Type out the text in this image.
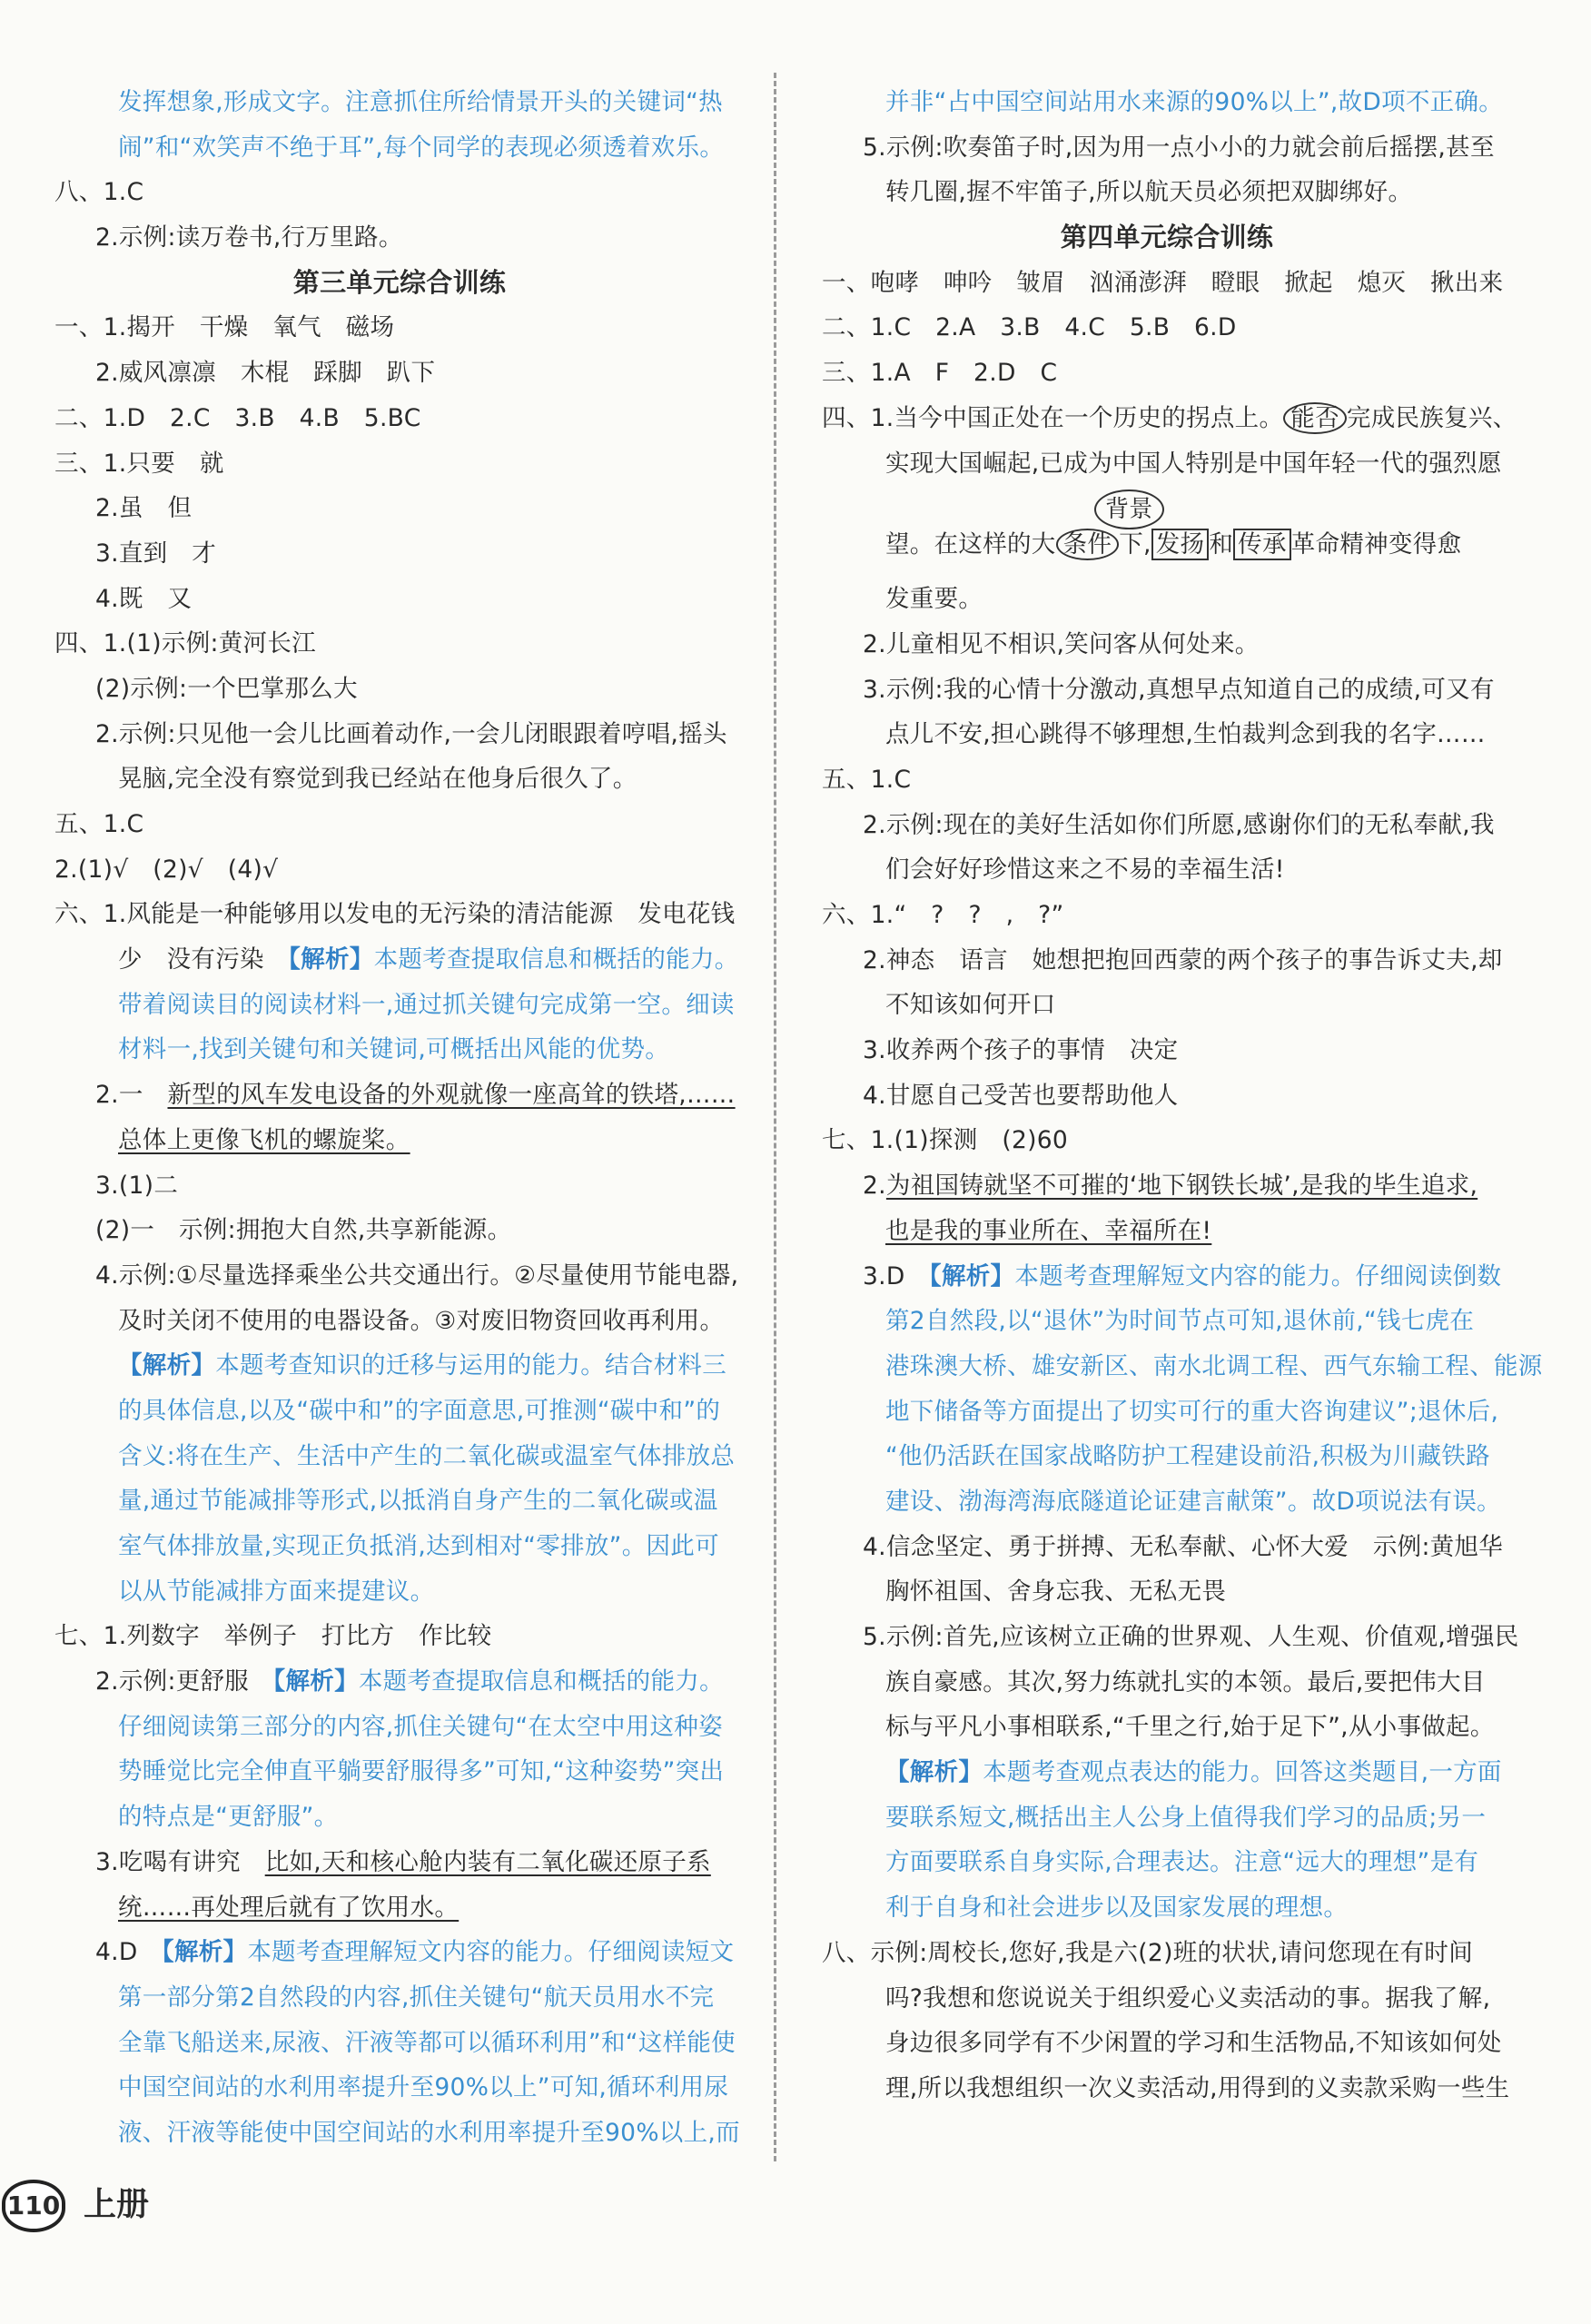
发挥想象,形成文字。注意抓住所给情景开头的关键词“热
闹”和“欢笑声不绝于耳”,每个同学的表现必须透着欢乐。
八、1.C
2.示例:读万卷书,行万里路。
第三单元综合训练
一、1.揭开　干燥　氧气　磁场
2.威风凛凛　木棍　踩脚　趴下
二、1.D　2.C　3.B　4.B　5.BC
三、1.只要　就
2.虽　但
3.直到　才
4.既　又
四、1.(1)示例:黄河长江
(2)示例:一个巴掌那么大
2.示例:只见他一会儿比画着动作,一会儿闭眼跟着哼唱,摇头
晃脑,完全没有察觉到我已经站在他身后很久了。
五、1.C
2.(1)√　(2)√　(4)√
六、1.风能是一种能够用以发电的无污染的清洁能源　发电花钱
少　没有污染　【解析】本题考查提取信息和概括的能力。
带着阅读目的阅读材料一,通过抓关键句完成第一空。细读
材料一,找到关键句和关键词,可概括出风能的优势。
2.一　新型的风车发电设备的外观就像一座高耸的铁塔,……
总体上更像飞机的螺旋桨。
3.(1)二
(2)一　示例:拥抱大自然,共享新能源。
4.示例:①尽量选择乘坐公共交通出行。②尽量使用节能电器,
及时关闭不使用的电器设备。③对废旧物资回收再利用。
【解析】本题考查知识的迁移与运用的能力。结合材料三
的具体信息,以及“碳中和”的字面意思,可推测“碳中和”的
含义:将在生产、生活中产生的二氧化碳或温室气体排放总
量,通过节能减排等形式,以抵消自身产生的二氧化碳或温
室气体排放量,实现正负抵消,达到相对“零排放”。因此可
以从节能减排方面来提建议。
七、1.列数字　举例子　打比方　作比较
2.示例:更舒服　【解析】本题考查提取信息和概括的能力。
仔细阅读第三部分的内容,抓住关键句“在太空中用这种姿
势睡觉比完全伸直平躺要舒服得多”可知,“这种姿势”突出
的特点是“更舒服”。
3.吃喝有讲究　比如,天和核心舱内装有二氧化碳还原子系
统……再处理后就有了饮用水。
4.D　【解析】本题考查理解短文内容的能力。仔细阅读短文
第一部分第2自然段的内容,抓住关键句“航天员用水不完
全靠飞船送来,尿液、汗液等都可以循环利用”和“这样能使
中国空间站的水利用率提升至90%以上”可知,循环利用尿
液、汗液等能使中国空间站的水利用率提升至90%以上,而
并非“占中国空间站用水来源的90%以上”,故D项不正确。
5.示例:吹奏笛子时,因为用一点小小的力就会前后摇摆,甚至
转几圈,握不牢笛子,所以航天员必须把双脚绑好。
第四单元综合训练
一、咆哮　呻吟　皱眉　汹涌澎湃　瞪眼　掀起　熄灭　揪出来
二、1.C　2.A　3.B　4.C　5.B　6.D
三、1.A　F　2.D　C
四、1.当今中国正处在一个历史的拐点上。 能否 完成民族复兴、
实现大国崛起,已成为中国人特别是中国年轻一代的强烈愿
背景
望。在这样的大 条件 下, 发扬 和 传承 革命精神变得愈
发重要。
2.儿童相见不相识,笑问客从何处来。
3.示例:我的心情十分激动,真想早点知道自己的成绩,可又有
点儿不安,担心跳得不够理想,生怕裁判念到我的名字……
五、1.C
2.示例:现在的美好生活如你们所愿,感谢你们的无私奉献,我
们会好好珍惜这来之不易的幸福生活!
六、1.“　?　?　,　?”
2.神态　语言　她想把抱回西蒙的两个孩子的事告诉丈夫,却
不知该如何开口
3.收养两个孩子的事情　决定
4.甘愿自己受苦也要帮助他人
七、1.(1)探测　(2)60
2.为祖国铸就坚不可摧的‘地下钢铁长城’,是我的毕生追求,
也是我的事业所在、幸福所在!
3.D　【解析】本题考查理解短文内容的能力。仔细阅读倒数
第2自然段,以“退休”为时间节点可知,退休前,“钱七虎在
港珠澳大桥、雄安新区、南水北调工程、西气东输工程、能源
地下储备等方面提出了切实可行的重大咨询建议”;退休后,
“他仍活跃在国家战略防护工程建设前沿,积极为川藏铁路
建设、渤海湾海底隧道论证建言献策”。故D项说法有误。
4.信念坚定、勇于拼搏、无私奉献、心怀大爱　示例:黄旭华
胸怀祖国、舍身忘我、无私无畏
5.示例:首先,应该树立正确的世界观、人生观、价值观,增强民
族自豪感。其次,努力练就扎实的本领。最后,要把伟大目
标与平凡小事相联系,“千里之行,始于足下”,从小事做起。
【解析】本题考查观点表达的能力。回答这类题目,一方面
要联系短文,概括出主人公身上值得我们学习的品质;另一
方面要联系自身实际,合理表达。注意“远大的理想”是有
利于自身和社会进步以及国家发展的理想。
八、示例:周校长,您好,我是六(2)班的状状,请问您现在有时间
吗?我想和您说说关于组织爱心义卖活动的事。据我了解,
身边很多同学有不少闲置的学习和生活物品,不知该如何处
理,所以我想组织一次义卖活动,用得到的义卖款采购一些生
110 上册
